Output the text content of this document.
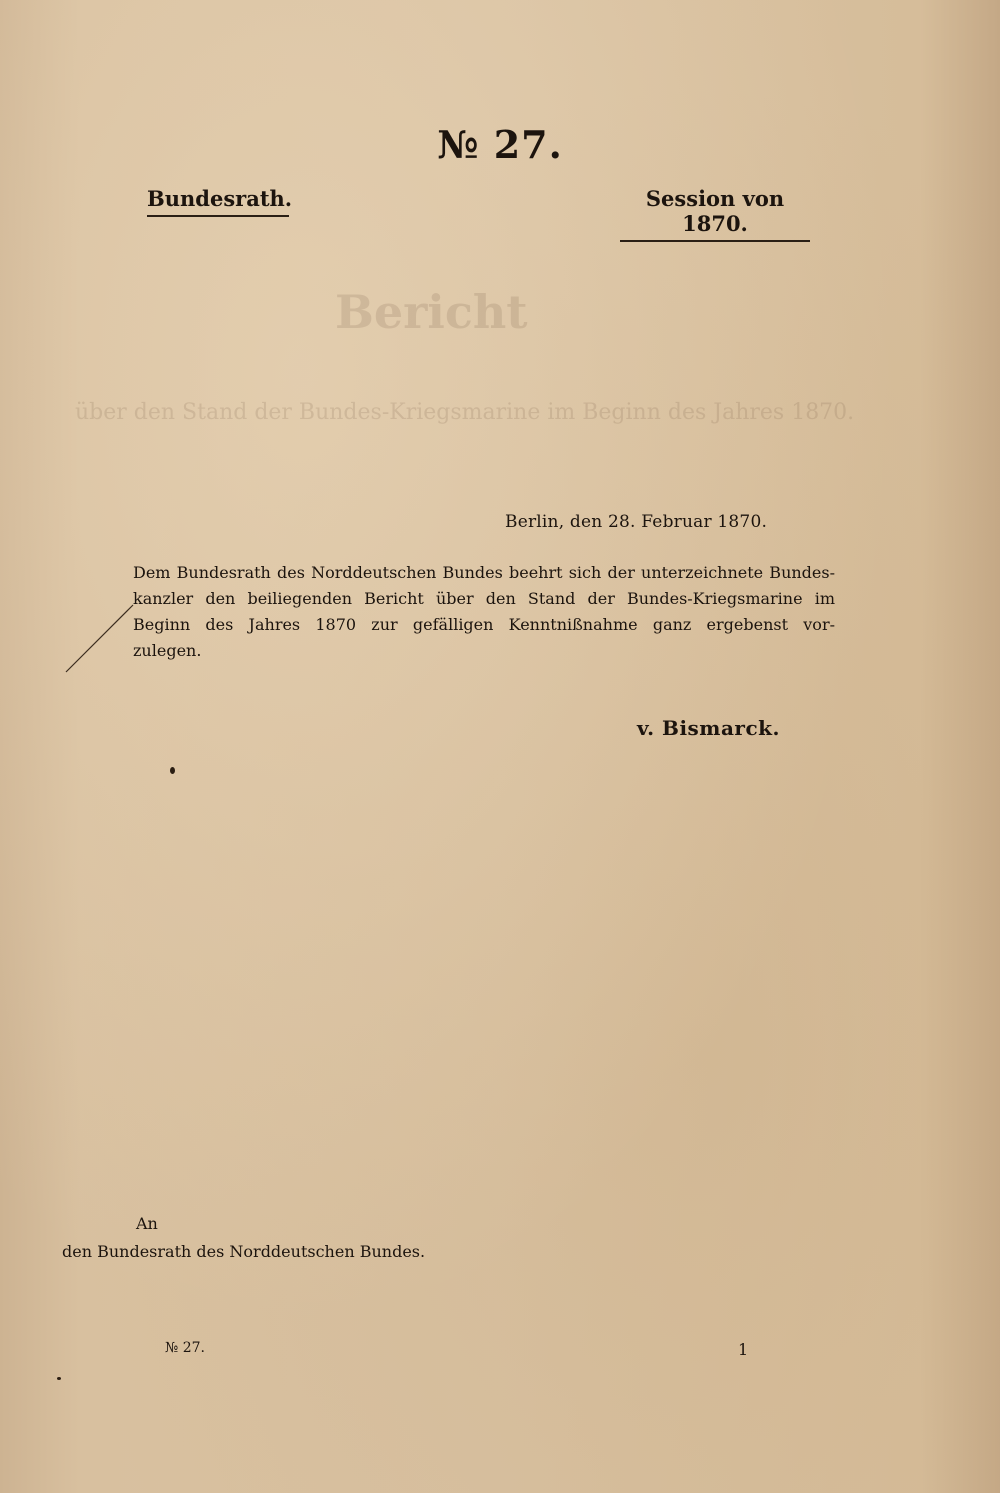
Bericht
über den Stand der Bundes-Kriegsmarine im Beginn des Jahres 1870.
№ 27.
Bundesrath.	Session von 1870.
Berlin, den 28. Februar 1870.
Dem Bundesrath des Norddeutschen Bundes beehrt sich der unterzeichnete Bundes-
kanzler den beiliegenden Bericht über den Stand der Bundes-Kriegsmarine im
Beginn des Jahres 1870 zur gefälligen Kenntnißnahme ganz ergebenst vor-
zulegen.
v. Bismarck.
An
den Bundesrath des Norddeutschen Bundes.
№ 27.	1
